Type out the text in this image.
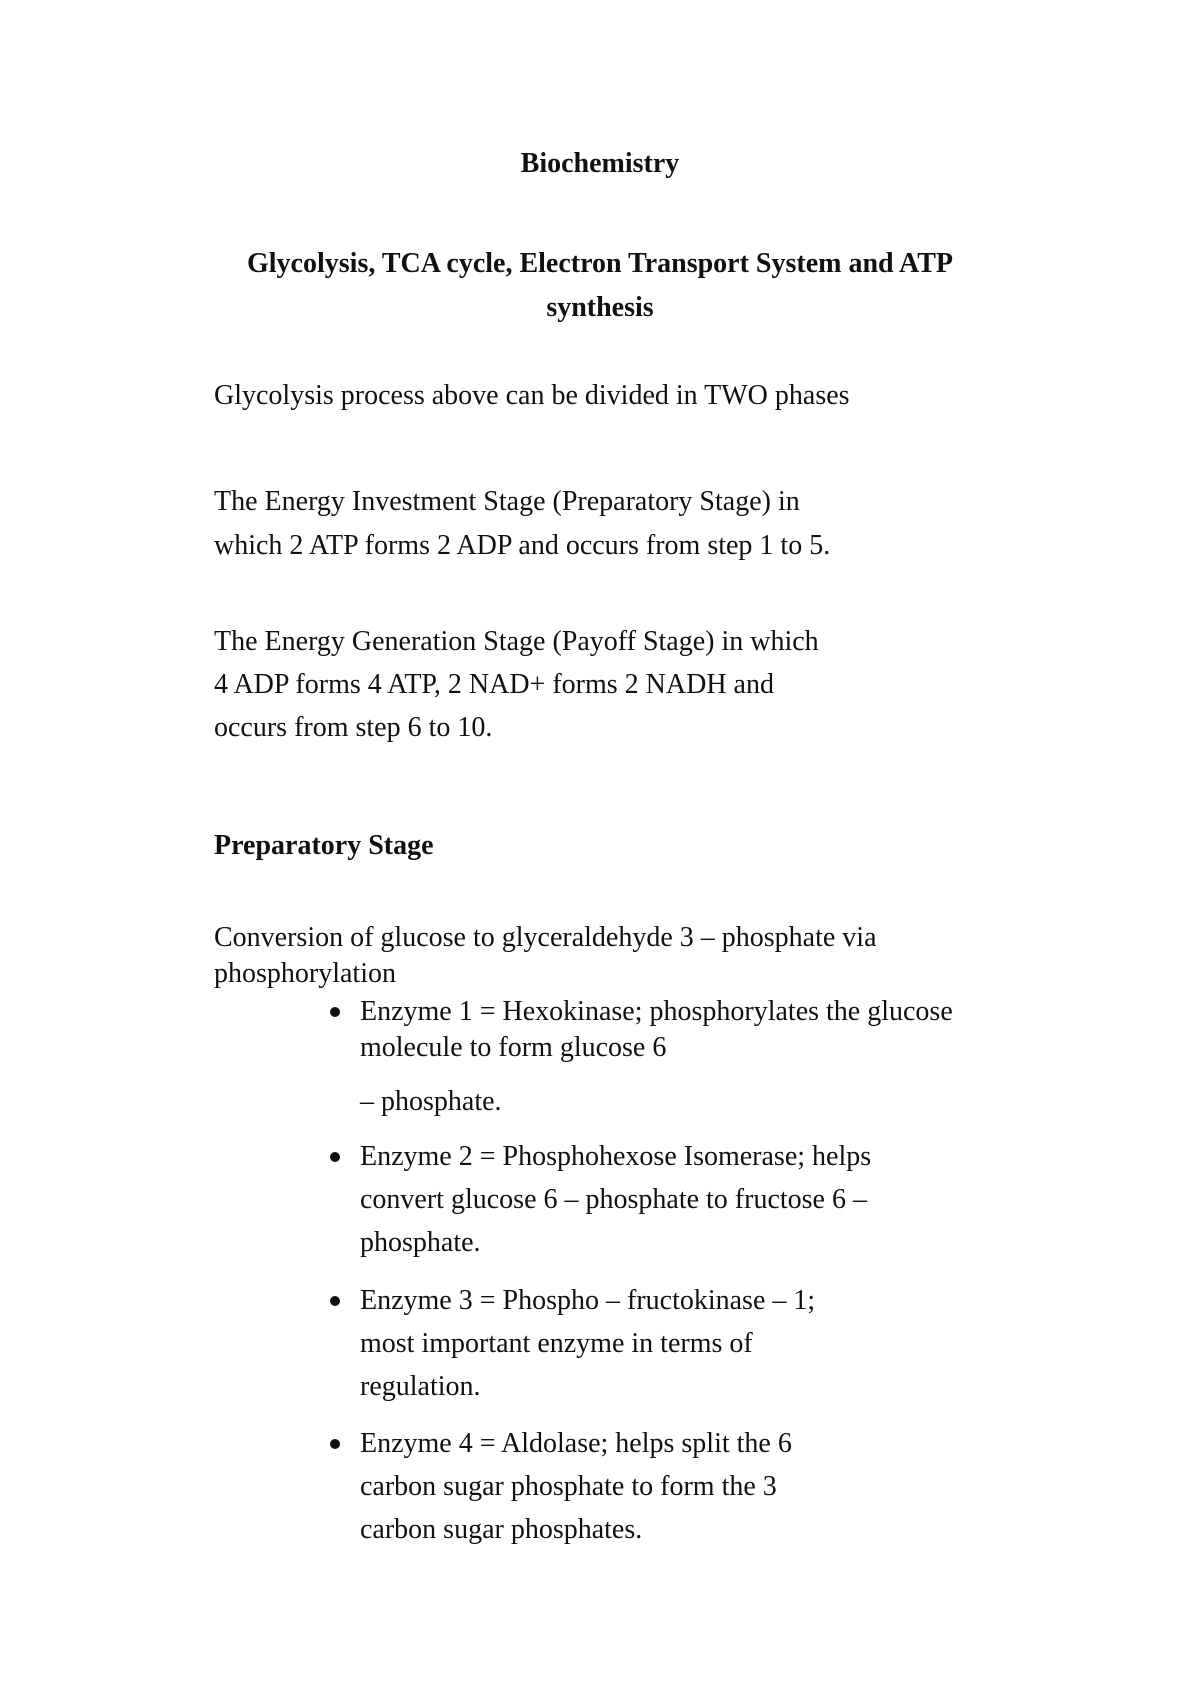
Biochemistry

Glycolysis, TCA cycle, Electron Transport System and ATP

synthesis

Glycolysis process above can be divided in TWO phases

The Energy Investment Stage (Preparatory Stage) in

which 2 ATP forms 2 ADP and occurs from step 1 to 5.

The Energy Generation Stage (Payoff Stage) in which

4 ADP forms 4 ATP, 2 NAD+ forms 2 NADH and

occurs from step 6 to 10.

Preparatory Stage

Conversion of glucose to glyceraldehyde 3 – phosphate via

phosphorylation

Enzyme 1 = Hexokinase; phosphorylates the glucose
molecule to form glucose 6
– phosphate.
Enzyme 2 = Phosphohexose Isomerase; helps
convert glucose 6 – phosphate to fructose 6 –
phosphate.
Enzyme 3 = Phospho – fructokinase – 1;
most important enzyme in terms of
regulation.
Enzyme 4 = Aldolase; helps split the 6
carbon sugar phosphate to form the 3
carbon sugar phosphates.
